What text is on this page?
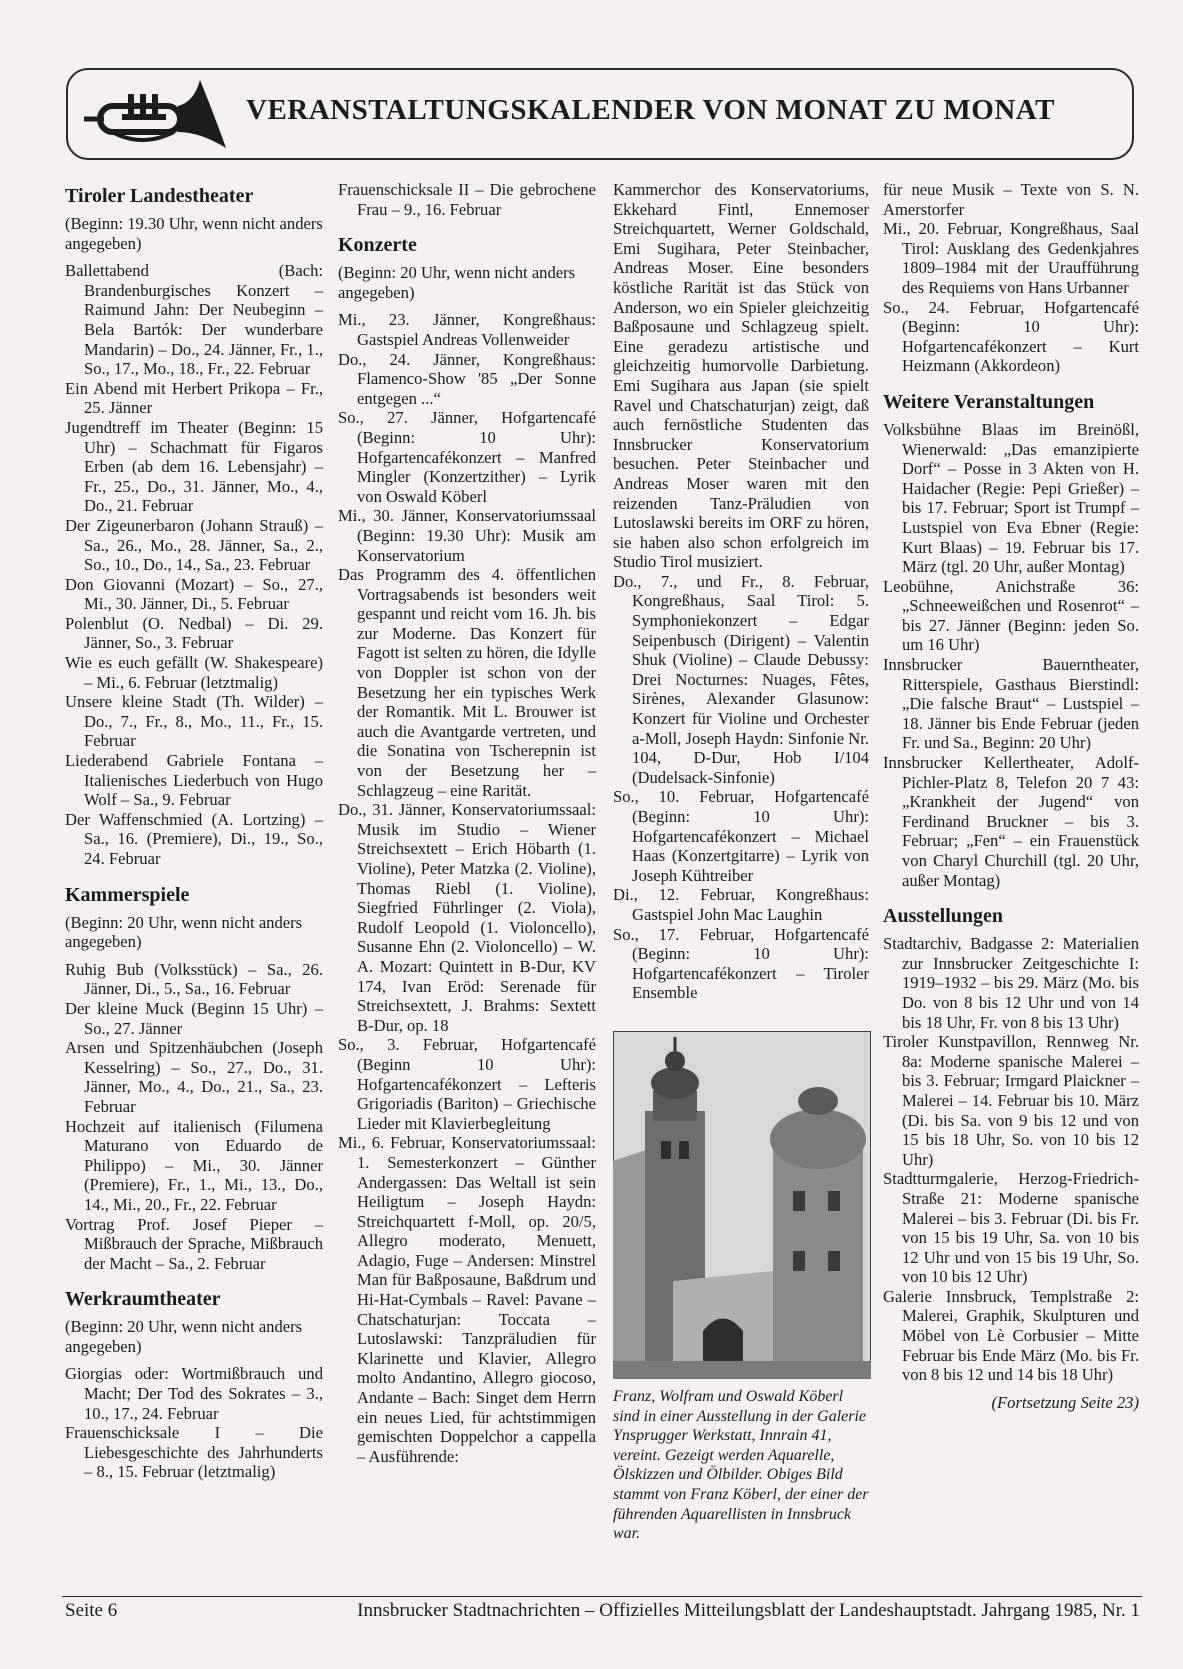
VERANSTALTUNGSKALENDER VON MONAT ZU MONAT
Tiroler Landestheater

(Beginn: 19.30 Uhr, wenn nicht anders angegeben)

Ballettabend (Bach: Brandenburgisches Konzert – Raimund Jahn: Der Neubeginn – Bela Bartók: Der wunderbare Mandarin) – Do., 24. Jänner, Fr., 1., So., 17., Mo., 18., Fr., 22. Februar

Ein Abend mit Herbert Prikopa – Fr., 25. Jänner

Jugendtreff im Theater (Beginn: 15 Uhr) – Schachmatt für Figaros Erben (ab dem 16. Lebensjahr) – Fr., 25., Do., 31. Jänner, Mo., 4., Do., 21. Februar

Der Zigeunerbaron (Johann Strauß) – Sa., 26., Mo., 28. Jänner, Sa., 2., So., 10., Do., 14., Sa., 23. Februar

Don Giovanni (Mozart) – So., 27., Mi., 30. Jänner, Di., 5. Februar

Polenblut (O. Nedbal) – Di. 29. Jänner, So., 3. Februar

Wie es euch gefällt (W. Shakespeare) – Mi., 6. Februar (letztmalig)

Unsere kleine Stadt (Th. Wilder) – Do., 7., Fr., 8., Mo., 11., Fr., 15. Februar

Liederabend Gabriele Fontana – Italienisches Liederbuch von Hugo Wolf – Sa., 9. Februar

Der Waffenschmied (A. Lortzing) – Sa., 16. (Premiere), Di., 19., So., 24. Februar

Kammerspiele

(Beginn: 20 Uhr, wenn nicht anders angegeben)

Ruhig Bub (Volksstück) – Sa., 26. Jänner, Di., 5., Sa., 16. Februar

Der kleine Muck (Beginn 15 Uhr) – So., 27. Jänner

Arsen und Spitzenhäubchen (Joseph Kesselring) – So., 27., Do., 31. Jänner, Mo., 4., Do., 21., Sa., 23. Februar

Hochzeit auf italienisch (Filumena Maturano von Eduardo de Philippo) – Mi., 30. Jänner (Premiere), Fr., 1., Mi., 13., Do., 14., Mi., 20., Fr., 22. Februar

Vortrag Prof. Josef Pieper – Mißbrauch der Sprache, Mißbrauch der Macht – Sa., 2. Februar

Werkraumtheater

(Beginn: 20 Uhr, wenn nicht anders angegeben)

Giorgias oder: Wortmißbrauch und Macht; Der Tod des Sokrates – 3., 10., 17., 24. Februar

Frauenschicksale I – Die Liebesgeschichte des Jahrhunderts – 8., 15. Februar (letztmalig)

Frauenschicksale II – Die gebrochene Frau – 9., 16. Februar

Konzerte

(Beginn: 20 Uhr, wenn nicht anders angegeben)

Mi., 23. Jänner, Kongreßhaus: Gastspiel Andreas Vollenweider

Do., 24. Jänner, Kongreßhaus: Flamenco-Show '85 „Der Sonne entgegen ...“

So., 27. Jänner, Hofgartencafé (Beginn: 10 Uhr): Hofgartencafékonzert – Manfred Mingler (Konzertzither) – Lyrik von Oswald Köberl

Mi., 30. Jänner, Konservatoriumssaal (Beginn: 19.30 Uhr): Musik am Konservatorium

Das Programm des 4. öffentlichen Vortragsabends ist besonders weit gespannt und reicht vom 16. Jh. bis zur Moderne. Das Konzert für Fagott ist selten zu hören, die Idylle von Doppler ist schon von der Besetzung her ein typisches Werk der Romantik. Mit L. Brouwer ist auch die Avantgarde vertreten, und die Sonatina von Tscherepnin ist von der Besetzung her – Schlagzeug – eine Rarität.

Do., 31. Jänner, Konservatoriumssaal: Musik im Studio – Wiener Streichsextett – Erich Höbarth (1. Violine), Peter Matzka (2. Violine), Thomas Riebl (1. Violine), Siegfried Führlinger (2. Viola), Rudolf Leopold (1. Violoncello), Susanne Ehn (2. Violoncello) – W. A. Mozart: Quintett in B-Dur, KV 174, Ivan Eröd: Serenade für Streichsextett, J. Brahms: Sextett B-Dur, op. 18

So., 3. Februar, Hofgartencafé (Beginn 10 Uhr): Hofgartencafékonzert – Lefteris Grigoriadis (Bariton) – Griechische Lieder mit Klavierbegleitung

Mi., 6. Februar, Konservatoriumssaal: 1. Semesterkonzert – Günther Andergassen: Das Weltall ist sein Heiligtum – Joseph Haydn: Streichquartett f-Moll, op. 20/5, Allegro moderato, Menuett, Adagio, Fuge – Andersen: Minstrel Man für Baßposaune, Baßdrum und Hi-Hat-Cymbals – Ravel: Pavane – Chatschaturjan: Toccata – Lutoslawski: Tanzpräludien für Klarinette und Klavier, Allegro molto Andantino, Allegro giocoso, Andante – Bach: Singet dem Herrn ein neues Lied, für achtstimmigen gemischten Doppelchor a cappella – Ausführende:

Kammerchor des Konservatoriums, Ekkehard Fintl, Ennemoser Streichquartett, Werner Goldschald, Emi Sugihara, Peter Steinbacher, Andreas Moser. Eine besonders köstliche Rarität ist das Stück von Anderson, wo ein Spieler gleichzeitig Baßposaune und Schlagzeug spielt. Eine geradezu artistische und gleichzeitig humorvolle Darbietung. Emi Sugihara aus Japan (sie spielt Ravel und Chatschaturjan) zeigt, daß auch fernöstliche Studenten das Innsbrucker Konservatorium besuchen. Peter Steinbacher und Andreas Moser waren mit den reizenden Tanz-Präludien von Lutoslawski bereits im ORF zu hören, sie haben also schon erfolgreich im Studio Tirol musiziert.

Do., 7., und Fr., 8. Februar, Kongreßhaus, Saal Tirol: 5. Symphoniekonzert – Edgar Seipenbusch (Dirigent) – Valentin Shuk (Violine) – Claude Debussy: Drei Nocturnes: Nuages, Fêtes, Sirènes, Alexander Glasunow: Konzert für Violine und Orchester a-Moll, Joseph Haydn: Sinfonie Nr. 104, D-Dur, Hob I/104 (Dudelsack-Sinfonie)

So., 10. Februar, Hofgartencafé (Beginn: 10 Uhr): Hofgartencafékonzert – Michael Haas (Konzertgitarre) – Lyrik von Joseph Kühtreiber

Di., 12. Februar, Kongreßhaus: Gastspiel John Mac Laughin

So., 17. Februar, Hofgartencafé (Beginn: 10 Uhr): Hofgartencafékonzert – Tiroler Ensemble

Franz, Wolfram und Oswald Köberl sind in einer Ausstellung in der Galerie Ynsprugger Werkstatt, Innrain 41, vereint. Gezeigt werden Aquarelle, Ölskizzen und Ölbilder. Obiges Bild stammt von Franz Köberl, der einer der führenden Aquarellisten in Innsbruck war.

für neue Musik – Texte von S. N. Amerstorfer

Mi., 20. Februar, Kongreßhaus, Saal Tirol: Ausklang des Gedenkjahres 1809–1984 mit der Uraufführung des Requiems von Hans Urbanner

So., 24. Februar, Hofgartencafé (Beginn: 10 Uhr): Hofgartencafékonzert – Kurt Heizmann (Akkordeon)

Weitere Veranstaltungen

Volksbühne Blaas im Breinößl, Wienerwald: „Das emanzipierte Dorf“ – Posse in 3 Akten von H. Haidacher (Regie: Pepi Grießer) – bis 17. Februar; Sport ist Trumpf – Lustspiel von Eva Ebner (Regie: Kurt Blaas) – 19. Februar bis 17. März (tgl. 20 Uhr, außer Montag)

Leobühne, Anichstraße 36: „Schneeweißchen und Rosenrot“ – bis 27. Jänner (Beginn: jeden So. um 16 Uhr)

Innsbrucker Bauerntheater, Ritterspiele, Gasthaus Bierstindl: „Die falsche Braut“ – Lustspiel – 18. Jänner bis Ende Februar (jeden Fr. und Sa., Beginn: 20 Uhr)

Innsbrucker Kellertheater, Adolf-Pichler-Platz 8, Telefon 20 7 43: „Krankheit der Jugend“ von Ferdinand Bruckner – bis 3. Februar; „Fen“ – ein Frauenstück von Charyl Churchill (tgl. 20 Uhr, außer Montag)

Ausstellungen

Stadtarchiv, Badgasse 2: Materialien zur Innsbrucker Zeitgeschichte I: 1919–1932 – bis 29. März (Mo. bis Do. von 8 bis 12 Uhr und von 14 bis 18 Uhr, Fr. von 8 bis 13 Uhr)

Tiroler Kunstpavillon, Rennweg Nr. 8a: Moderne spanische Malerei – bis 3. Februar; Irmgard Plaickner – Malerei – 14. Februar bis 10. März (Di. bis Sa. von 9 bis 12 und von 15 bis 18 Uhr, So. von 10 bis 12 Uhr)

Stadtturmgalerie, Herzog-Friedrich-Straße 21: Moderne spanische Malerei – bis 3. Februar (Di. bis Fr. von 15 bis 19 Uhr, Sa. von 10 bis 12 Uhr und von 15 bis 19 Uhr, So. von 10 bis 12 Uhr)

Galerie Innsbruck, Templstraße 2: Malerei, Graphik, Skulpturen und Möbel von Lè Corbusier – Mitte Februar bis Ende März (Mo. bis Fr. von 8 bis 12 und 14 bis 18 Uhr)

(Fortsetzung Seite 23)

Seite 6	Innsbrucker Stadtnachrichten – Offizielles Mitteilungsblatt der Landeshauptstadt. Jahrgang 1985, Nr. 1
